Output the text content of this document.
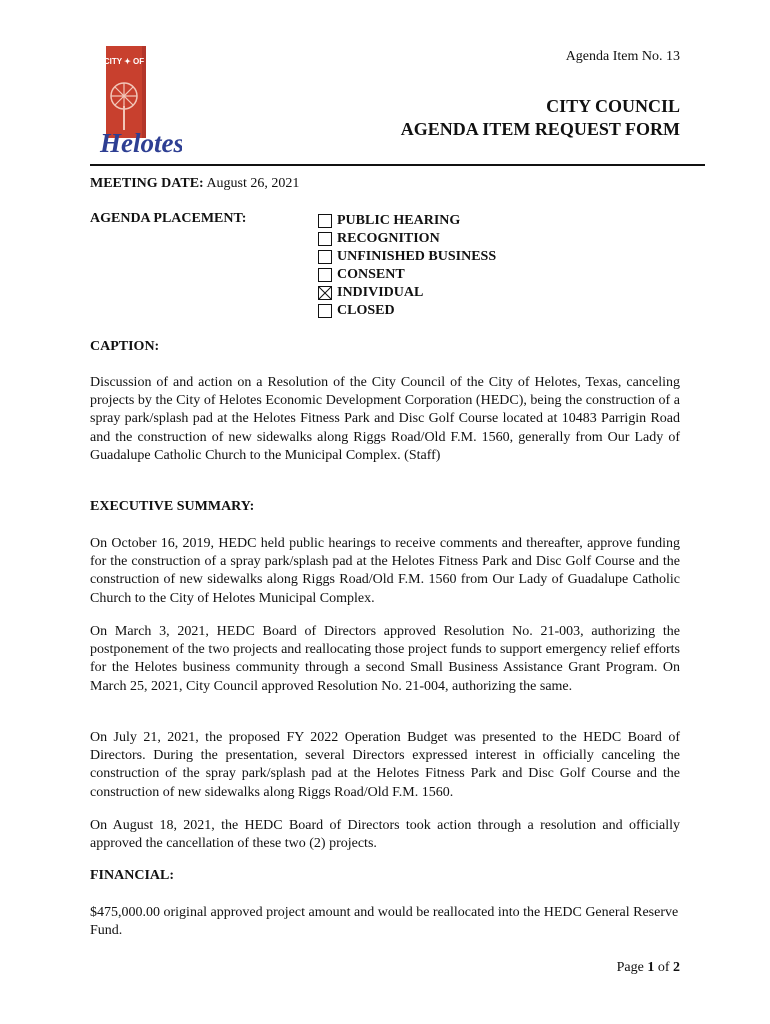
CITY ✦ OF
Helotes
Agenda Item No. 13
CITY COUNCIL
AGENDA ITEM REQUEST FORM
MEETING DATE: August 26, 2021
AGENDA PLACEMENT:	PUBLIC HEARING
RECOGNITION
UNFINISHED BUSINESS
CONSENT
INDIVIDUAL
CLOSED
CAPTION:

Discussion of and action on a Resolution of the City Council of the City of Helotes, Texas, canceling projects by the City of Helotes Economic Development Corporation (HEDC), being the construction of a spray park/splash pad at the Helotes Fitness Park and Disc Golf Course located at 10483 Parrigin Road and the construction of new sidewalks along Riggs Road/Old F.M. 1560, generally from Our Lady of Guadalupe Catholic Church to the Municipal Complex. (Staff)

EXECUTIVE SUMMARY:

On October 16, 2019, HEDC held public hearings to receive comments and thereafter, approve funding for the construction of a spray park/splash pad at the Helotes Fitness Park and Disc Golf Course and the construction of new sidewalks along Riggs Road/Old F.M. 1560 from Our Lady of Guadalupe Catholic Church to the City of Helotes Municipal Complex.

On March 3, 2021, HEDC Board of Directors approved Resolution No. 21-003, authorizing the postponement of the two projects and reallocating those project funds to support emergency relief efforts for the Helotes business community through a second Small Business Assistance Grant Program. On March 25, 2021, City Council approved Resolution No. 21-004, authorizing the same.

On July 21, 2021, the proposed FY 2022 Operation Budget was presented to the HEDC Board of Directors. During the presentation, several Directors expressed interest in officially canceling the construction of the spray park/splash pad at the Helotes Fitness Park and Disc Golf Course and the construction of new sidewalks along Riggs Road/Old F.M. 1560.

On August 18, 2021, the HEDC Board of Directors took action through a resolution and officially approved the cancellation of these two (2) projects.

FINANCIAL:

$475,000.00 original approved project amount and would be reallocated into the HEDC General Reserve Fund.

Page 1 of 2
